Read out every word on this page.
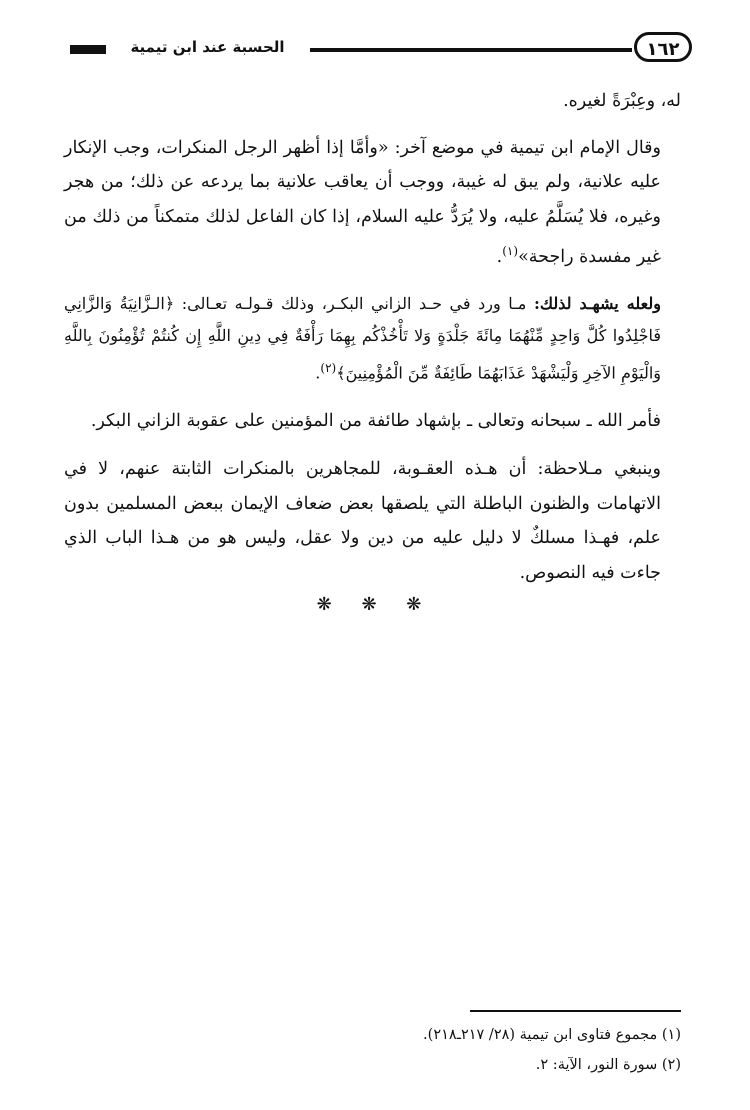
الحسبة عند ابن تيمية	١٦٢

له، وعِبْرَةً لغيره.

وقال الإمام ابن تيمية في موضع آخر: «وأمَّا إذا أظهر الرجل المنكرات، وجب الإنكار عليه علانية، ولم يبق له غيبة، ووجب أن يعاقب علانية بما يردعه عن ذلك؛ من هجر وغيره، فلا يُسَلَّمُ عليه، ولا يُرَدُّ عليه السلام، إذا كان الفاعل لذلك متمكناً من ذلك من غير مفسدة راجحة»$^{(١)}$.

ولعله يشهـد لذلك: مـا ورد في حـد الزاني البكـر، وذلك قـولـه تعـالى: ﴿الـزَّانِيَةُ وَالزَّانِي فَاجْلِدُوا كُلَّ وَاحِدٍ مِّنْهُمَا مِائَةَ جَلْدَةٍ وَلا تَأْخُذْكُم بِهِمَا رَأْفَةٌ فِي دِينِ اللَّهِ إِن كُنتُمْ تُؤْمِنُونَ بِاللَّهِ وَالْيَوْمِ الآخِرِ وَلْيَشْهَدْ عَذَابَهُمَا طَائِفَةٌ مِّنَ الْمُؤْمِنِينَ﴾$^{(٢)}$.

فأمر الله ـ سبحانه وتعالى ـ بإشهاد طائفة من المؤمنين على عقوبة الزاني البكر.

وينبغي مـلاحظة: أن هـذه العقـوبة، للمجاهرين بالمنكرات الثابتة عنهم، لا في الاتهامات والظنون الباطلة التي يلصقها بعض ضعاف الإيمان ببعض المسلمين بدون علم، فهـذا مسلكٌ لا دليل عليه من دين ولا عقل، وليس هو من هـذا الباب الذي جاءت فيه النصوص.

❋ ❋ ❋
(١) مجموع فتاوى ابن تيمية (٢٨/ ٢١٧ـ٢١٨).
(٢) سورة النور، الآية: ٢.
